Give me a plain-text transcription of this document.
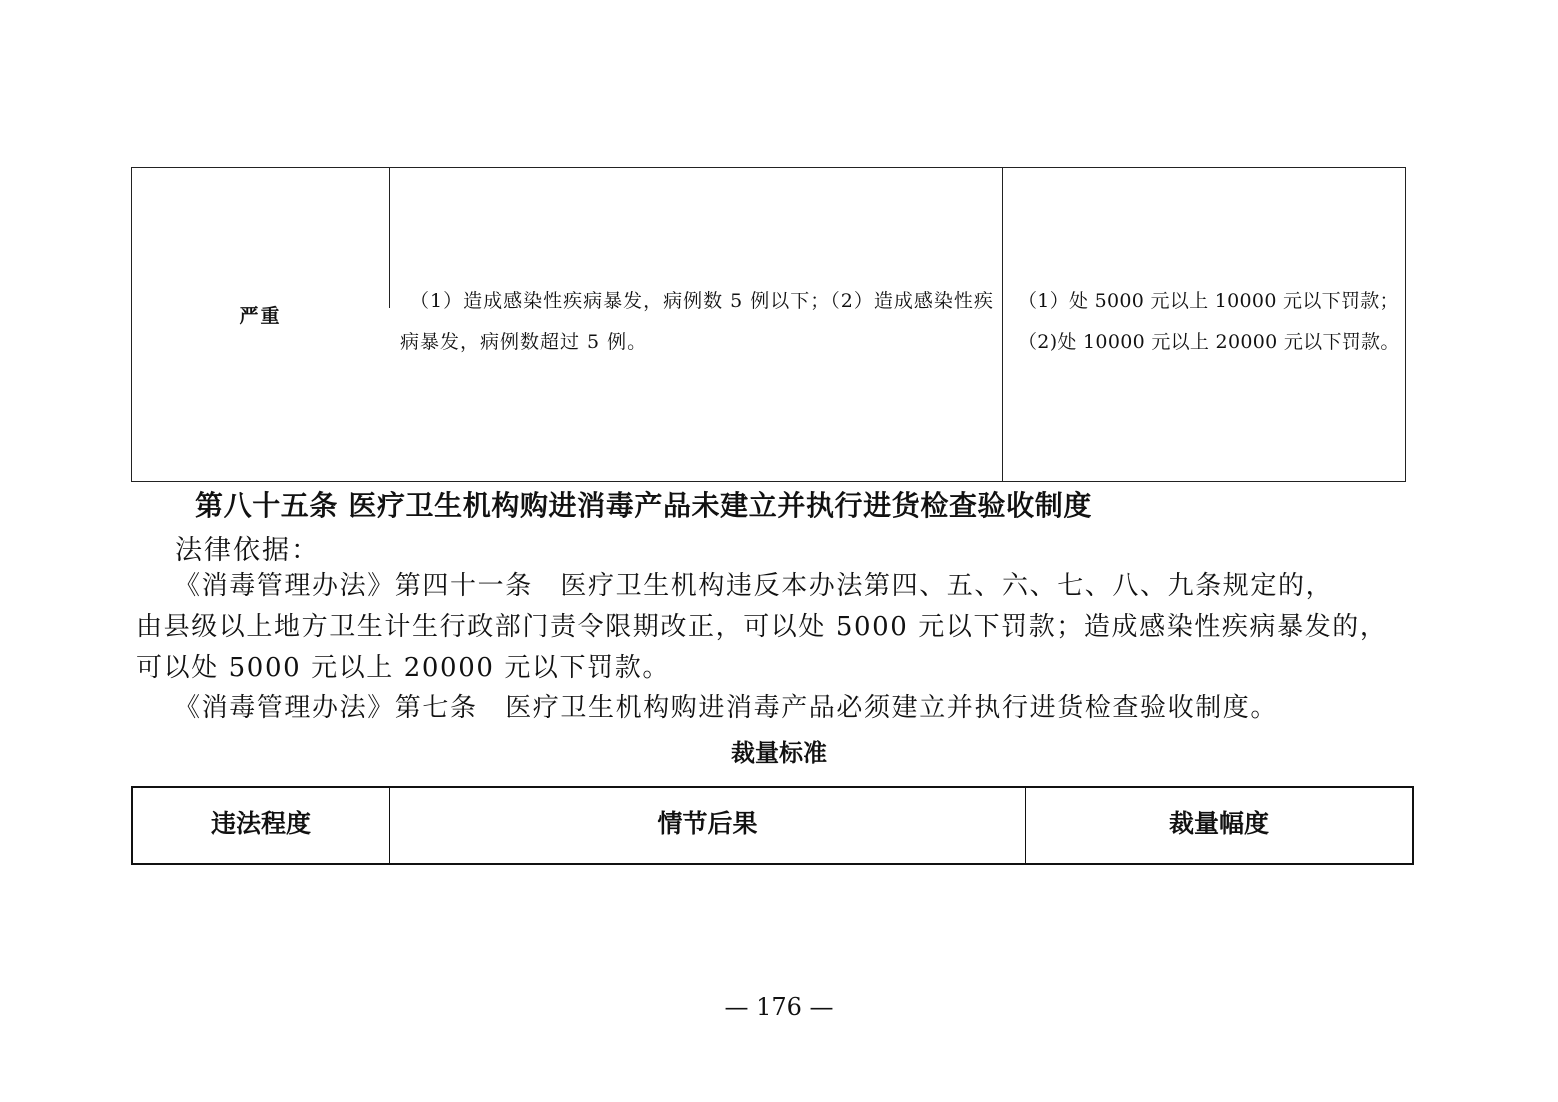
严重
（1）造成感染性疾病暴发，病例数 5 例以下；（2）造成感染性疾病暴发，病例数超过 5 例。
（1）处 5000 元以上 10000 元以下罚款；
（2)处 10000 元以上 20000 元以下罚款。
第八十五条 医疗卫生机构购进消毒产品未建立并执行进货检查验收制度
法律依据：
《消毒管理办法》第四十一条　医疗卫生机构违反本办法第四、五、六、七、八、九条规定的，
由县级以上地方卫生计生行政部门责令限期改正，可以处 5000 元以下罚款；造成感染性疾病暴发的，
可以处 5000 元以上 20000 元以下罚款。
《消毒管理办法》第七条　医疗卫生机构购进消毒产品必须建立并执行进货检查验收制度。
裁量标准
违法程度	情节后果	裁量幅度
— 176 —
